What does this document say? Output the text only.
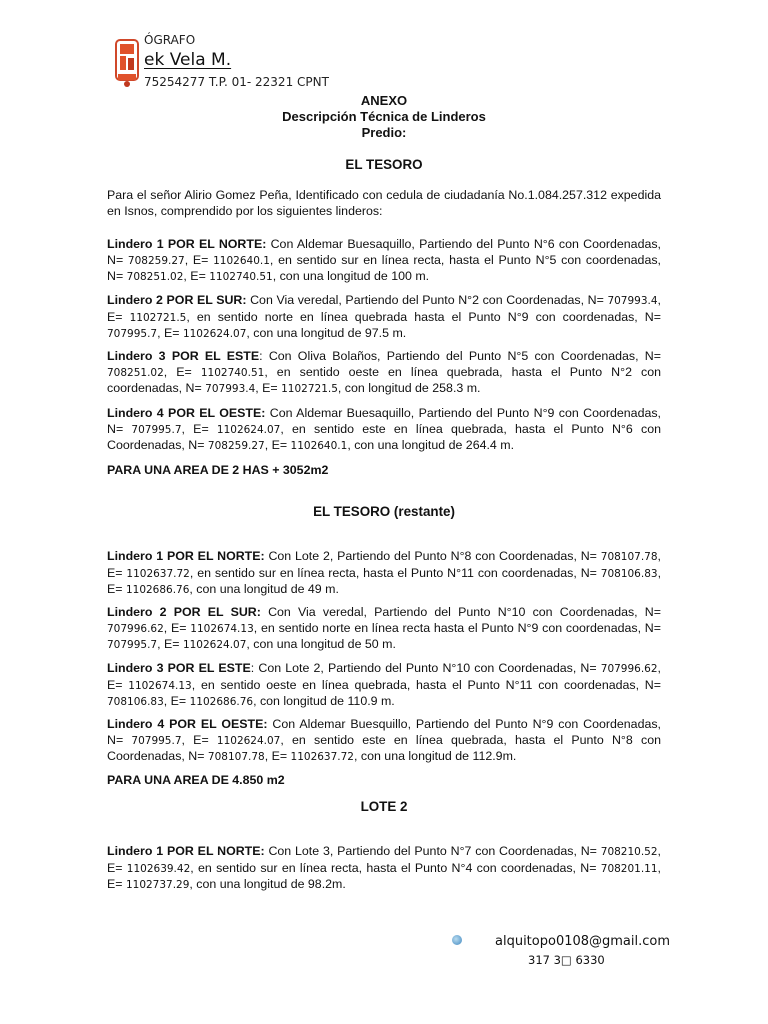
ÓGRAFO
ek Vela M.
75254277 T.P. 01- 22321 CPNT
ANEXO
Descripción Técnica de Linderos
Predio:
EL TESORO

Para el señor Alirio Gomez Peña, Identificado con cedula de ciudadanía No.1.084.257.312 expedida en Isnos, comprendido por los siguientes linderos:

Lindero 1 POR EL NORTE: Con Aldemar Buesaquillo, Partiendo del Punto N°6 con Coordenadas, N= 708259.27, E= 1102640.1, en sentido sur en línea recta, hasta el Punto N°5 con coordenadas, N= 708251.02, E= 1102740.51, con una longitud de 100 m.

Lindero 2 POR EL SUR: Con Via veredal, Partiendo del Punto N°2 con Coordenadas, N= 707993.4, E= 1102721.5, en sentido norte en línea quebrada hasta el Punto N°9 con coordenadas, N= 707995.7, E= 1102624.07, con una longitud de 97.5 m.

Lindero 3 POR EL ESTE: Con Oliva Bolaños, Partiendo del Punto N°5 con Coordenadas, N= 708251.02, E= 1102740.51, en sentido oeste en línea quebrada, hasta el Punto N°2 con coordenadas, N= 707993.4, E= 1102721.5, con longitud de 258.3 m.

Lindero 4 POR EL OESTE: Con Aldemar Buesaquillo, Partiendo del Punto N°9 con Coordenadas, N= 707995.7, E= 1102624.07, en sentido este en línea quebrada, hasta el Punto N°6 con Coordenadas, N= 708259.27, E= 1102640.1, con una longitud de 264.4 m.

PARA UNA AREA DE 2 HAS + 3052m2
EL TESORO (restante)

Lindero 1 POR EL NORTE: Con Lote 2, Partiendo del Punto N°8 con Coordenadas, N= 708107.78, E= 1102637.72, en sentido sur en línea recta, hasta el Punto N°11 con coordenadas, N= 708106.83, E= 1102686.76, con una longitud de 49 m.

Lindero 2 POR EL SUR: Con Via veredal, Partiendo del Punto N°10 con Coordenadas, N= 707996.62, E= 1102674.13, en sentido norte en línea recta hasta el Punto N°9 con coordenadas, N= 707995.7, E= 1102624.07, con una longitud de 50 m.

Lindero 3 POR EL ESTE: Con Lote 2, Partiendo del Punto N°10 con Coordenadas, N= 707996.62, E= 1102674.13, en sentido oeste en línea quebrada, hasta el Punto N°11 con coordenadas, N= 708106.83, E= 1102686.76, con longitud de 110.9 m.

Lindero 4 POR EL OESTE: Con Aldemar Buesquillo, Partiendo del Punto N°9 con Coordenadas, N= 707995.7, E= 1102624.07, en sentido este en línea quebrada, hasta el Punto N°8 con Coordenadas, N= 708107.78, E= 1102637.72, con una longitud de 112.9m.

PARA UNA AREA DE 4.850 m2
LOTE 2

Lindero 1 POR EL NORTE: Con Lote 3, Partiendo del Punto N°7 con Coordenadas, N= 708210.52, E= 1102639.42, en sentido sur en línea recta, hasta el Punto N°4 con coordenadas, N= 708201.11, E= 1102737.29, con una longitud de 98.2m.

alquitopo0108@gmail.com
317 3□ 6330
